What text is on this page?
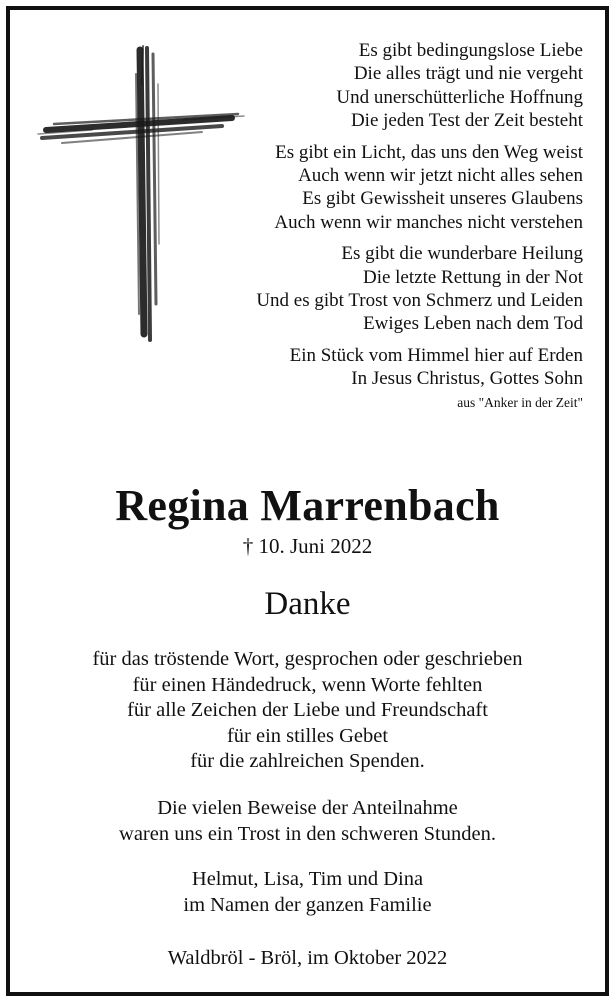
Es gibt bedingungslose Liebe
Die alles trägt und nie vergeht
Und unerschütterliche Hoffnung
Die jeden Test der Zeit besteht
Es gibt ein Licht, das uns den Weg weist
Auch wenn wir jetzt nicht alles sehen
Es gibt Gewissheit unseres Glaubens
Auch wenn wir manches nicht verstehen
Es gibt die wunderbare Heilung
Die letzte Rettung in der Not
Und es gibt Trost von Schmerz und Leiden
Ewiges Leben nach dem Tod
Ein Stück vom Himmel hier auf Erden
In Jesus Christus, Gottes Sohn
aus "Anker in der Zeit"
Regina Marrenbach
† 10. Juni 2022
Danke
für das tröstende Wort, gesprochen oder geschrieben
für einen Händedruck, wenn Worte fehlten
für alle Zeichen der Liebe und Freundschaft
für ein stilles Gebet
für die zahlreichen Spenden.
Die vielen Beweise der Anteilnahme
waren uns ein Trost in den schweren Stunden.
Helmut, Lisa, Tim und Dina
im Namen der ganzen Familie
Waldbröl - Bröl, im Oktober 2022
